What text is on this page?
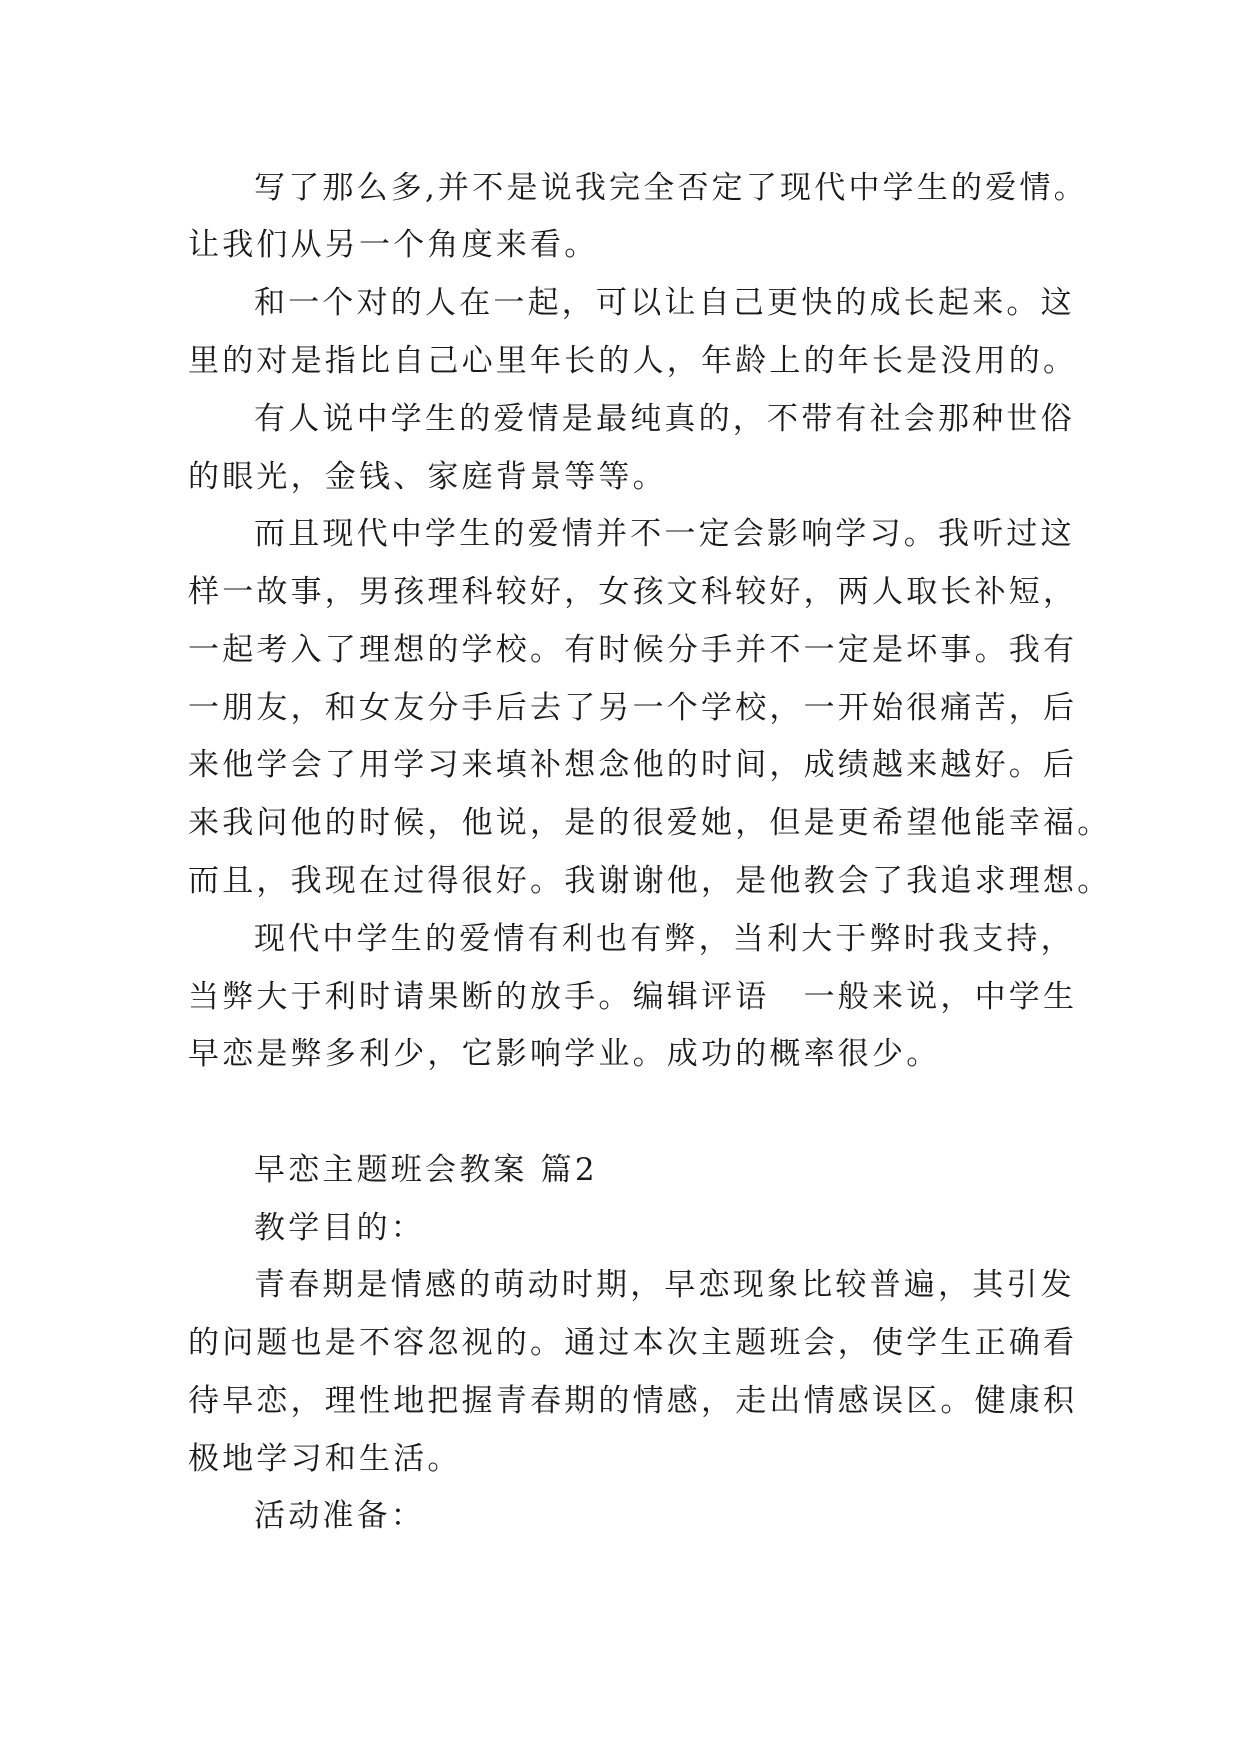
写了那么多,并不是说我完全否定了现代中学生的爱情。
让我们从另一个角度来看。
和一个对的人在一起，可以让自己更快的成长起来。这
里的对是指比自己心里年长的人，年龄上的年长是没用的。
有人说中学生的爱情是最纯真的，不带有社会那种世俗
的眼光，金钱、家庭背景等等。
而且现代中学生的爱情并不一定会影响学习。我听过这
样一故事，男孩理科较好，女孩文科较好，两人取长补短，
一起考入了理想的学校。有时候分手并不一定是坏事。我有
一朋友，和女友分手后去了另一个学校，一开始很痛苦，后
来他学会了用学习来填补想念他的时间，成绩越来越好。后
来我问他的时候，他说，是的很爱她，但是更希望他能幸福。
而且，我现在过得很好。我谢谢他，是他教会了我追求理想。
现代中学生的爱情有利也有弊，当利大于弊时我支持，
当弊大于利时请果断的放手。编辑评语　一般来说，中学生
早恋是弊多利少，它影响学业。成功的概率很少。
早恋主题班会教案 篇2
教学目的：
青春期是情感的萌动时期，早恋现象比较普遍，其引发
的问题也是不容忽视的。通过本次主题班会，使学生正确看
待早恋，理性地把握青春期的情感，走出情感误区。健康积
极地学习和生活。
活动准备：
